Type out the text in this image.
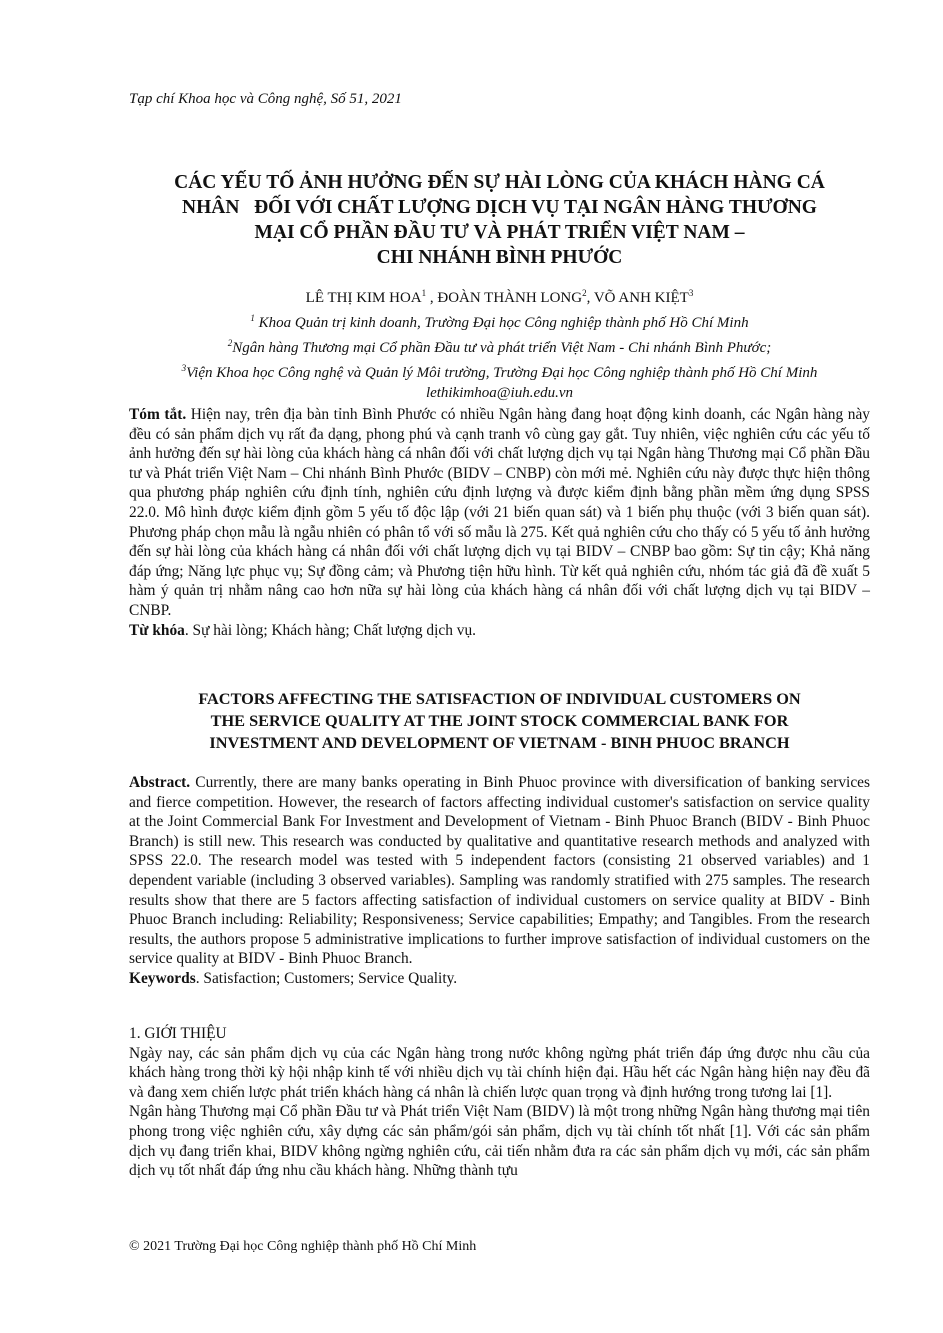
Tạp chí Khoa học và Công nghệ, Số 51, 2021
CÁC YẾU TỐ ẢNH HƯỞNG ĐẾN SỰ HÀI LÒNG CỦA KHÁCH HÀNG CÁ
NHÂN   ĐỐI VỚI CHẤT LƯỢNG DỊCH VỤ TẠI NGÂN HÀNG THƯƠNG
MẠI CỔ PHẦN ĐẦU TƯ VÀ PHÁT TRIỂN VIỆT NAM –
CHI NHÁNH BÌNH PHƯỚC
LÊ THỊ KIM HOA$^1$ , ĐOÀN THÀNH LONG$^2$, VÕ ANH KIỆT$^3$
$^1$ Khoa Quản trị kinh doanh, Trường Đại học Công nghiệp thành phố Hồ Chí Minh
$^2$Ngân hàng Thương mại Cổ phần Đầu tư và phát triển Việt Nam - Chi nhánh Bình Phước;
$^3$Viện Khoa học Công nghệ và Quản lý Môi trường, Trường Đại học Công nghiệp thành phố Hồ Chí Minh
lethikimhoa@iuh.edu.vn

Tóm tắt. Hiện nay, trên địa bàn tỉnh Bình Phước có nhiều Ngân hàng đang hoạt động kinh doanh, các Ngân hàng này đều có sản phẩm dịch vụ rất đa dạng, phong phú và cạnh tranh vô cùng gay gắt. Tuy nhiên, việc nghiên cứu các yếu tố ảnh hưởng đến sự hài lòng của khách hàng cá nhân đối với chất lượng dịch vụ tại Ngân hàng Thương mại Cổ phần Đầu tư và Phát triển Việt Nam – Chi nhánh Bình Phước (BIDV – CNBP) còn mới mẻ. Nghiên cứu này được thực hiện thông qua phương pháp nghiên cứu định tính, nghiên cứu định lượng và được kiểm định bằng phần mềm ứng dụng SPSS 22.0. Mô hình được kiểm định gồm 5 yếu tố độc lập (với 21 biến quan sát) và 1 biến phụ thuộc (với 3 biến quan sát). Phương pháp chọn mẫu là ngẫu nhiên có phân tổ với số mẫu là 275. Kết quả nghiên cứu cho thấy có 5 yếu tố ảnh hưởng đến sự hài lòng của khách hàng cá nhân đối với chất lượng dịch vụ tại BIDV – CNBP bao gồm: Sự tin cậy; Khả năng đáp ứng; Năng lực phục vụ; Sự đồng cảm; và Phương tiện hữu hình. Từ kết quả nghiên cứu, nhóm tác giả đã đề xuất 5 hàm ý quản trị nhằm nâng cao hơn nữa sự hài lòng của khách hàng cá nhân đối với chất lượng dịch vụ tại BIDV – CNBP.

Từ khóa. Sự hài lòng; Khách hàng; Chất lượng dịch vụ.

FACTORS AFFECTING THE SATISFACTION OF INDIVIDUAL CUSTOMERS ON
THE SERVICE QUALITY AT THE JOINT STOCK COMMERCIAL BANK FOR
INVESTMENT AND DEVELOPMENT OF VIETNAM - BINH PHUOC BRANCH

Abstract. Currently, there are many banks operating in Binh Phuoc province with diversification of banking services and fierce competition. However, the research of factors affecting individual customer's satisfaction on service quality at the Joint Commercial Bank For Investment and Development of Vietnam - Binh Phuoc Branch (BIDV - Binh Phuoc Branch) is still new. This research was conducted by qualitative and quantitative research methods and analyzed with SPSS 22.0. The research model was tested with 5 independent factors (consisting 21 observed variables) and 1 dependent variable (including 3 observed variables). Sampling was randomly stratified with 275 samples. The research results show that there are 5 factors affecting satisfaction of individual customers on service quality at BIDV - Binh Phuoc Branch including: Reliability; Responsiveness; Service capabilities; Empathy; and Tangibles. From the research results, the authors propose 5 administrative implications to further improve satisfaction of individual customers on the service quality at BIDV - Binh Phuoc Branch.

Keywords. Satisfaction; Customers; Service Quality.

1. GIỚI THIỆU

Ngày nay, các sản phẩm dịch vụ của các Ngân hàng trong nước không ngừng phát triển đáp ứng được nhu cầu của khách hàng trong thời kỳ hội nhập kinh tế với nhiều dịch vụ tài chính hiện đại. Hầu hết các Ngân hàng hiện nay đều đã và đang xem chiến lược phát triển khách hàng cá nhân là chiến lược quan trọng và định hướng trong tương lai [1].

Ngân hàng Thương mại Cổ phần Đầu tư và Phát triển Việt Nam (BIDV) là một trong những Ngân hàng thương mại tiên phong trong việc nghiên cứu, xây dựng các sản phẩm/gói sản phẩm, dịch vụ tài chính tốt nhất [1]. Với các sản phẩm dịch vụ đang triển khai, BIDV không ngừng nghiên cứu, cải tiến nhằm đưa ra các sản phẩm dịch vụ mới, các sản phẩm dịch vụ tốt nhất đáp ứng nhu cầu khách hàng. Những thành tựu

© 2021 Trường Đại học Công nghiệp thành phố Hồ Chí Minh
